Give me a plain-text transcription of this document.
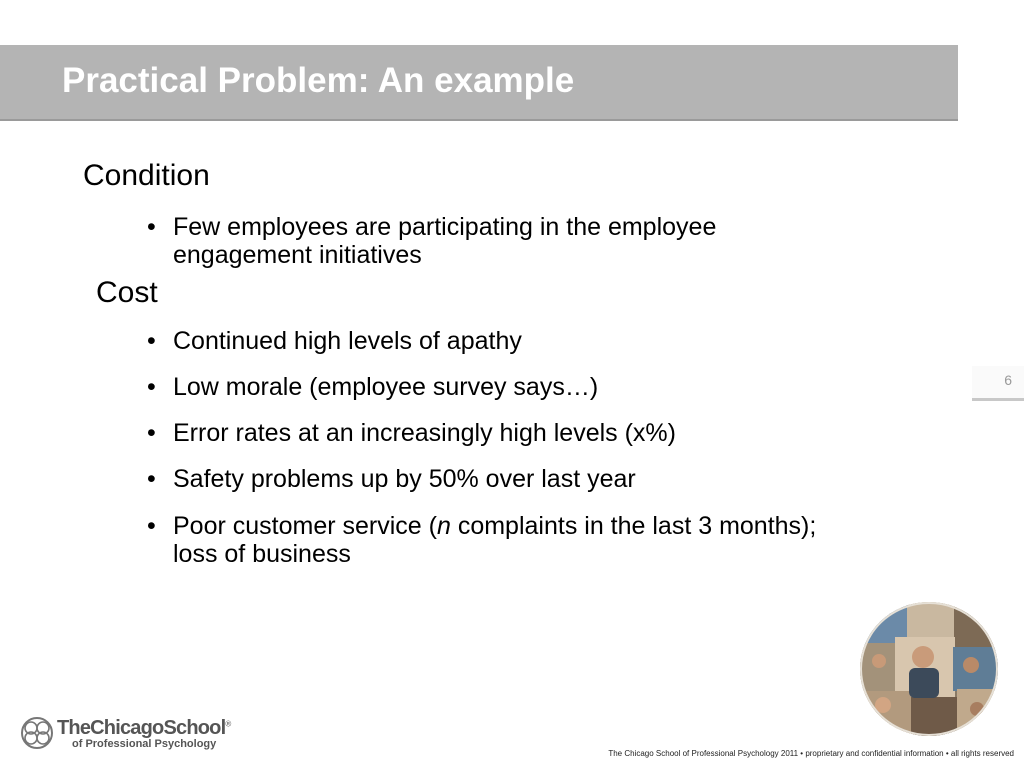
Practical Problem: An example
Condition
• Few employees are participating in the employee engagement initiatives
Cost
• Continued high levels of apathy
• Low morale (employee survey says…)
• Error rates at an increasingly high levels (x%)
• Safety problems up by 50% over last year
• Poor customer service (n complaints in the last 3 months); loss of business
6
TheChicagoSchool®
of Professional Psychology
The Chicago School of Professional Psychology 2011 • proprietary and confidential information • all rights reserved
